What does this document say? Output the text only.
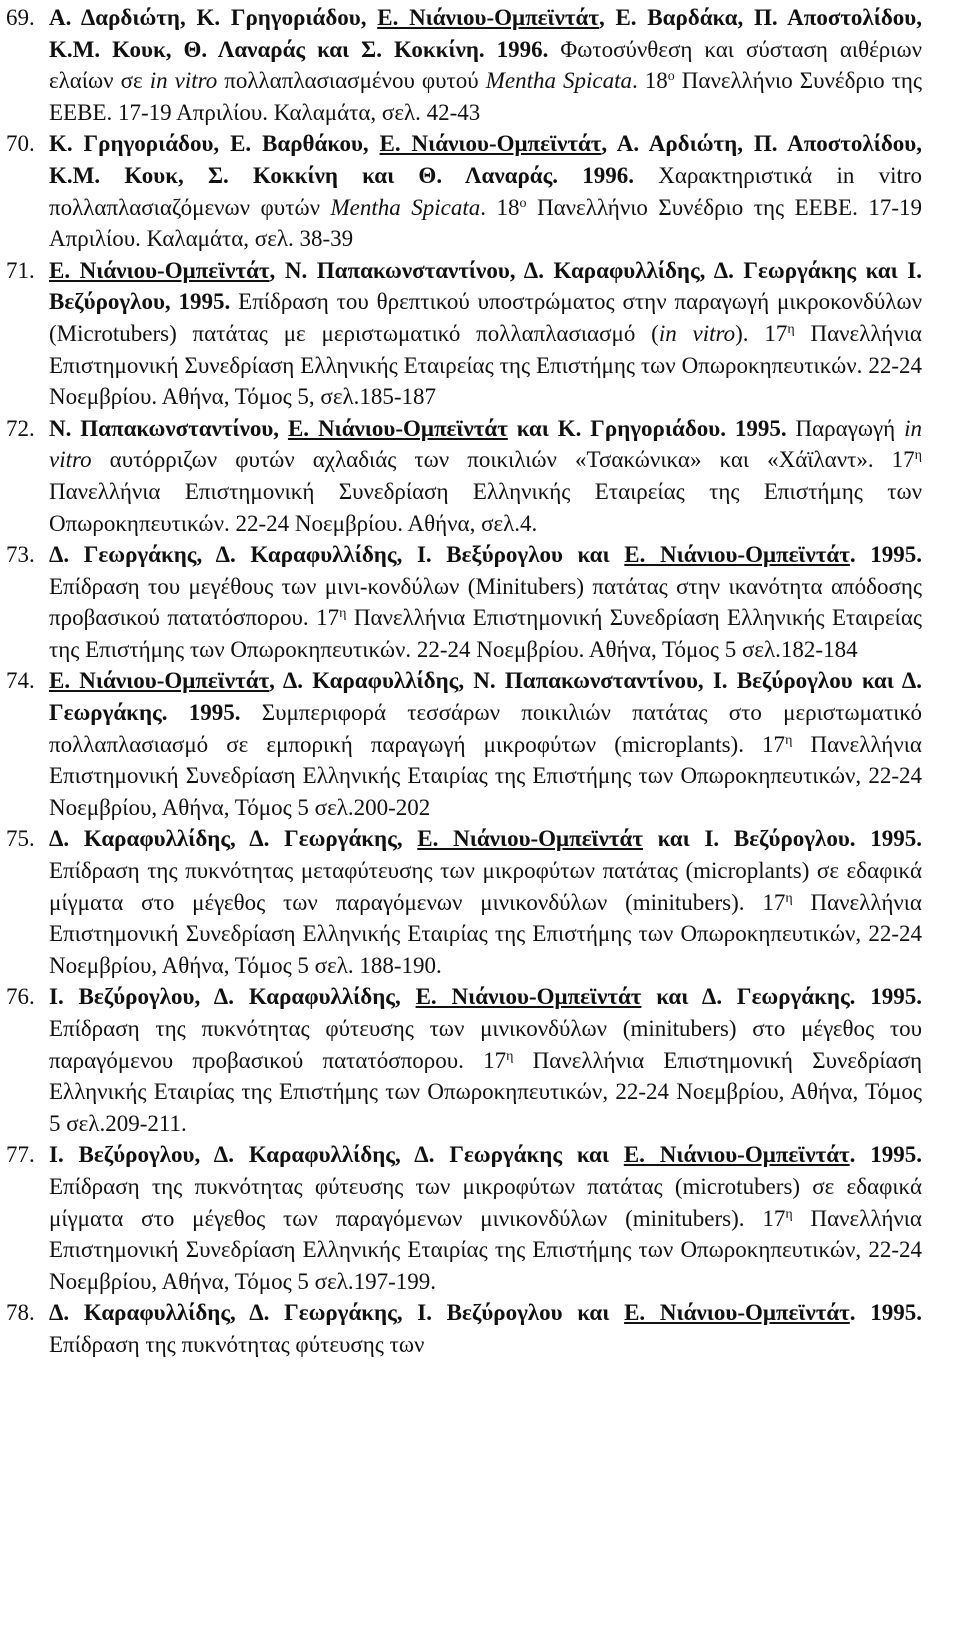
69. Α. Δαρδιώτη, Κ. Γρηγοριάδου, Ε. Νιάνιου-Ομπεϊντάτ, Ε. Βαρδάκα, Π. Αποστολίδου, Κ.Μ. Κουκ, Θ. Λαναράς και Σ. Κοκκίνη. 1996. Φωτοσύνθεση και σύσταση αιθέριων ελαίων σε in vitro πολλαπλασιασμένου φυτού Mentha Spicata. $18^o$ Πανελλήνιο Συνέδριο της ΕΕΒΕ. 17-19 Απριλίου. Καλαμάτα, σελ. 42-43
70. Κ. Γρηγοριάδου, Ε. Βαρθάκου, Ε. Νιάνιου-Ομπεϊντάτ, Α. Αρδιώτη, Π. Αποστολίδου, Κ.Μ. Κουκ, Σ. Κοκκίνη και Θ. Λαναράς. 1996. Χαρακτηριστικά in vitro πολλαπλασιαζόμενων φυτών Mentha Spicata. $18^o$ Πανελλήνιο Συνέδριο της ΕΕΒΕ. 17-19 Απριλίου. Καλαμάτα, σελ. 38-39
71. Ε. Νιάνιου-Ομπεϊντάτ, Ν. Παπακωνσταντίνου, Δ. Καραφυλλίδης, Δ. Γεωργάκης και Ι. Βεζύρογλου, 1995. Επίδραση του θρεπτικού υποστρώματος στην παραγωγή μικροκονδύλων (Microtubers) πατάτας με μεριστωματικό πολλαπλασιασμό (in vitro). $17^\eta$ Πανελλήνια Επιστημονική Συνεδρίαση Ελληνικής Εταιρείας της Επιστήμης των Οπωροκηπευτικών. 22-24 Νοεμβρίου. Αθήνα, Τόμος 5, σελ.185-187
72. Ν. Παπακωνσταντίνου, Ε. Νιάνιου-Ομπεϊντάτ και Κ. Γρηγοριάδου. 1995. Παραγωγή in vitro αυτόρριζων φυτών αχλαδιάς των ποικιλιών «Τσακώνικα» και «Χάϊλαντ». $17^\eta$ Πανελλήνια Επιστημονική Συνεδρίαση Ελληνικής Εταιρείας της Επιστήμης των Οπωροκηπευτικών. 22-24 Νοεμβρίου. Αθήνα, σελ.4.
73. Δ. Γεωργάκης, Δ. Καραφυλλίδης, Ι. Βεξύρογλου και Ε. Νιάνιου-Ομπεϊντάτ. 1995. Επίδραση του μεγέθους των μινι-κονδύλων (Minitubers) πατάτας στην ικανότητα απόδοσης προβασικού πατατόσπορου. $17^\eta$ Πανελλήνια Επιστημονική Συνεδρίαση Ελληνικής Εταιρείας της Επιστήμης των Οπωροκηπευτικών. 22-24 Νοεμβρίου. Αθήνα, Τόμος 5 σελ.182-184
74. Ε. Νιάνιου-Ομπεϊντάτ, Δ. Καραφυλλίδης, Ν. Παπακωνσταντίνου, Ι. Βεζύρογλου και Δ. Γεωργάκης. 1995. Συμπεριφορά τεσσάρων ποικιλιών πατάτας στο μεριστωματικό πολλαπλασιασμό σε εμπορική παραγωγή μικροφύτων (microplants). $17^\eta$ Πανελλήνια Επιστημονική Συνεδρίαση Ελληνικής Εταιρίας της Επιστήμης των Οπωροκηπευτικών, 22-24 Νοεμβρίου, Αθήνα, Τόμος 5 σελ.200-202
75. Δ. Καραφυλλίδης, Δ. Γεωργάκης, Ε. Νιάνιου-Ομπεϊντάτ και Ι. Βεζύρογλου. 1995. Επίδραση της πυκνότητας μεταφύτευσης των μικροφύτων πατάτας (microplants) σε εδαφικά μίγματα στο μέγεθος των παραγόμενων μινικονδύλων (minitubers). $17^\eta$ Πανελλήνια Επιστημονική Συνεδρίαση Ελληνικής Εταιρίας της Επιστήμης των Οπωροκηπευτικών, 22-24 Νοεμβρίου, Αθήνα, Τόμος 5 σελ. 188-190.
76. Ι. Βεζύρογλου, Δ. Καραφυλλίδης, Ε. Νιάνιου-Ομπεϊντάτ και Δ. Γεωργάκης. 1995. Επίδραση της πυκνότητας φύτευσης των μινικονδύλων (minitubers) στο μέγεθος του παραγόμενου προβασικού πατατόσπορου. $17^\eta$ Πανελλήνια Επιστημονική Συνεδρίαση Ελληνικής Εταιρίας της Επιστήμης των Οπωροκηπευτικών, 22-24 Νοεμβρίου, Αθήνα, Τόμος 5 σελ.209-211.
77. Ι. Βεζύρογλου, Δ. Καραφυλλίδης, Δ. Γεωργάκης και Ε. Νιάνιου-Ομπεϊντάτ. 1995. Επίδραση της πυκνότητας φύτευσης των μικροφύτων πατάτας (microtubers) σε εδαφικά μίγματα στο μέγεθος των παραγόμενων μινικονδύλων (minitubers). $17^\eta$ Πανελλήνια Επιστημονική Συνεδρίαση Ελληνικής Εταιρίας της Επιστήμης των Οπωροκηπευτικών, 22-24 Νοεμβρίου, Αθήνα, Τόμος 5 σελ.197-199.
78. Δ. Καραφυλλίδης, Δ. Γεωργάκης, Ι. Βεζύρογλου και Ε. Νιάνιου-Ομπεϊντάτ. 1995. Επίδραση της πυκνότητας φύτευσης των
